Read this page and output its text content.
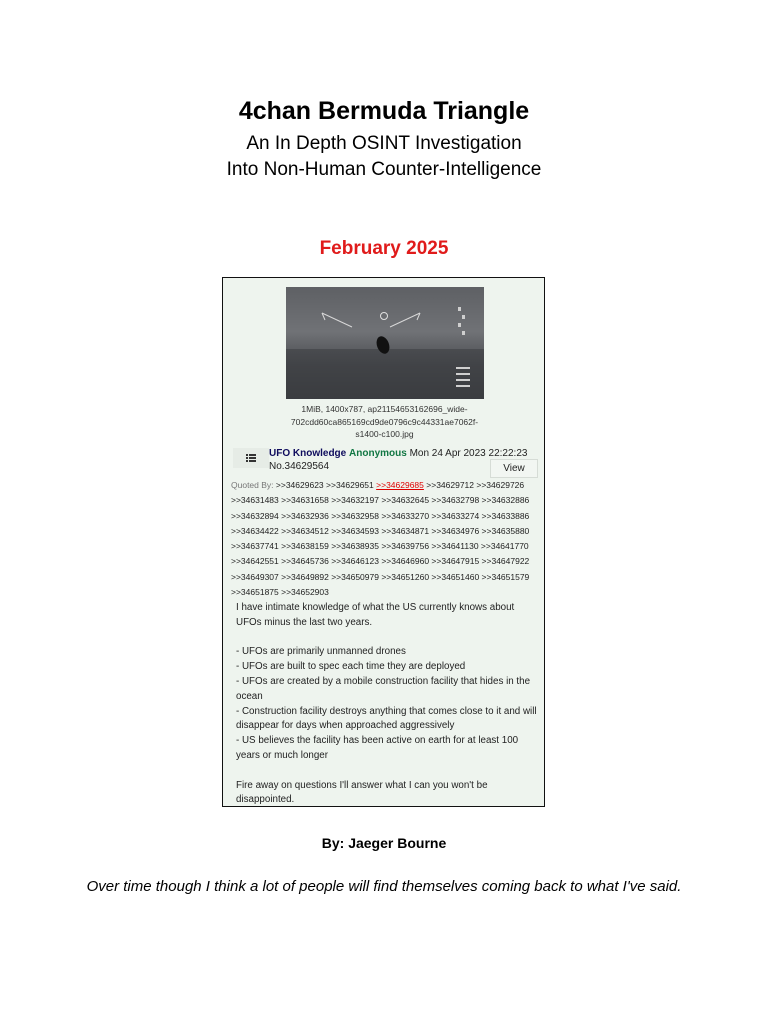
4chan Bermuda Triangle
An In Depth OSINT Investigation
Into Non-Human Counter-Intelligence
February 2025
1MiB, 1400x787, ap21154653162696_wide-
702cdd60ca865169cd9de0796c9c44331ae7062f-
s1400-c100.jpg
UFO Knowledge Anonymous Mon 24 Apr 2023 22:22:23
No.34629564	View
Quoted By: >>34629623 >>34629651 >>34629685 >>34629712 >>34629726
>>34631483 >>34631658 >>34632197 >>34632645 >>34632798 >>34632886
>>34632894 >>34632936 >>34632958 >>34633270 >>34633274 >>34633886
>>34634422 >>34634512 >>34634593 >>34634871 >>34634976 >>34635880
>>34637741 >>34638159 >>34638935 >>34639756 >>34641130 >>34641770
>>34642551 >>34645736 >>34646123 >>34646960 >>34647915 >>34647922
>>34649307 >>34649892 >>34650979 >>34651260 >>34651460 >>34651579
>>34651875 >>34652903

I have intimate knowledge of what the US currently knows about UFOs minus the last two years.

- UFOs are primarily unmanned drones

- UFOs are built to spec each time they are deployed

- UFOs are created by a mobile construction facility that hides in the ocean

- Construction facility destroys anything that comes close to it and will disappear for days when approached aggressively

- US believes the facility has been active on earth for at least 100 years or much longer

Fire away on questions I'll answer what I can you won't be disappointed.

By: Jaeger Bourne
Over time though I think a lot of people will find themselves coming back to what I've said.
